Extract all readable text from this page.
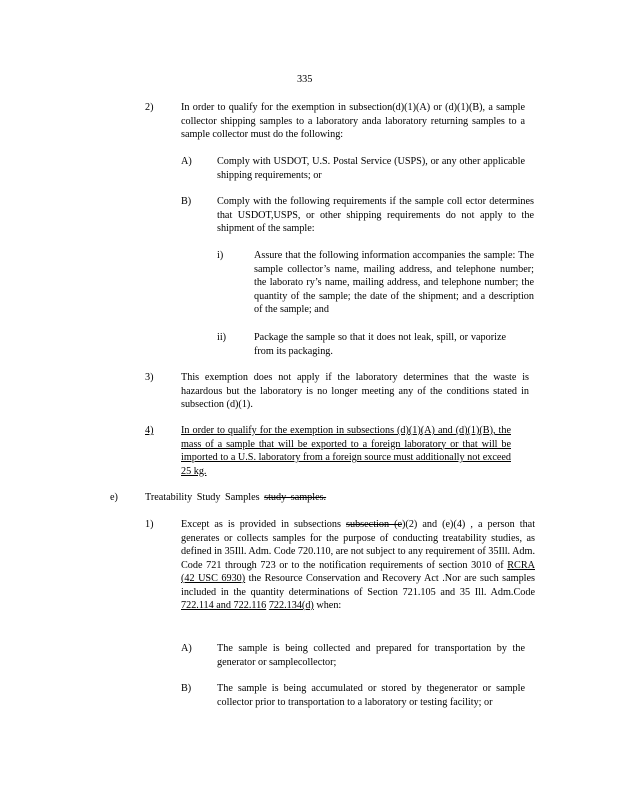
335
2)	In order to qualify for the exemption in subsection(d)(1)(A) or (d)(1)(B), a sample collector shipping samples to a laboratory anda laboratory returning samples to a sample collector must do the following:
A) Comply with USDOT, U.S. Postal Service (USPS), or any other applicable shipping requirements; or
B)	Comply with the following requirements if the sample coll ector determines that USDOT,USPS, or other shipping requirements do not apply to the shipment of the sample:
i)	Assure that the following information accompanies the sample: The sample collector’s name, mailing address, and telephone number; the laborato ry’s name, mailing address, and telephone number; the quantity of the sample; the date of the shipment; and a description of the sample; and
ii)	Package the sample so that it does not leak, spill, or vaporize from its packaging.
3)	This exemption does not apply if the laboratory determines that the waste is hazardous but the laboratory is no longer meeting any of the conditions stated in subsection (d)(1).
4)	In order to qualify for the exemption in subsections (d)(1)(A) and (d)(1)(B), the mass of a sample that will be exported to a foreign laboratory or that will be imported to a U.S. laboratory from a foreign source must additionally not exceed 25 kg.
e)	Treatability Study Samples study samples.
1)	Except as is provided in subsections subsection (e)(2) and (e)(4) , a person that generates or collects samples for the purpose of conducting treatability studies, as defined in 35Ill. Adm. Code 720.110, are not subject to any requirement of 35Ill. Adm. Code 721 through 723 or to the notification requirements of section 3010 of RCRA (42 USC 6930) the Resource Conservation and Recovery Act .Nor are such samples included in the quantity determinations of Section 721.105 and 35 Ill. Adm.Code 722.114 and 722.116 722.134(d) when:
A) The sample is being collected and prepared for transportation by the generator or samplecollector;
B)	The sample is being accumulated or stored by thegenerator or sample collector prior to transportation to a laboratory or testing facility; or
